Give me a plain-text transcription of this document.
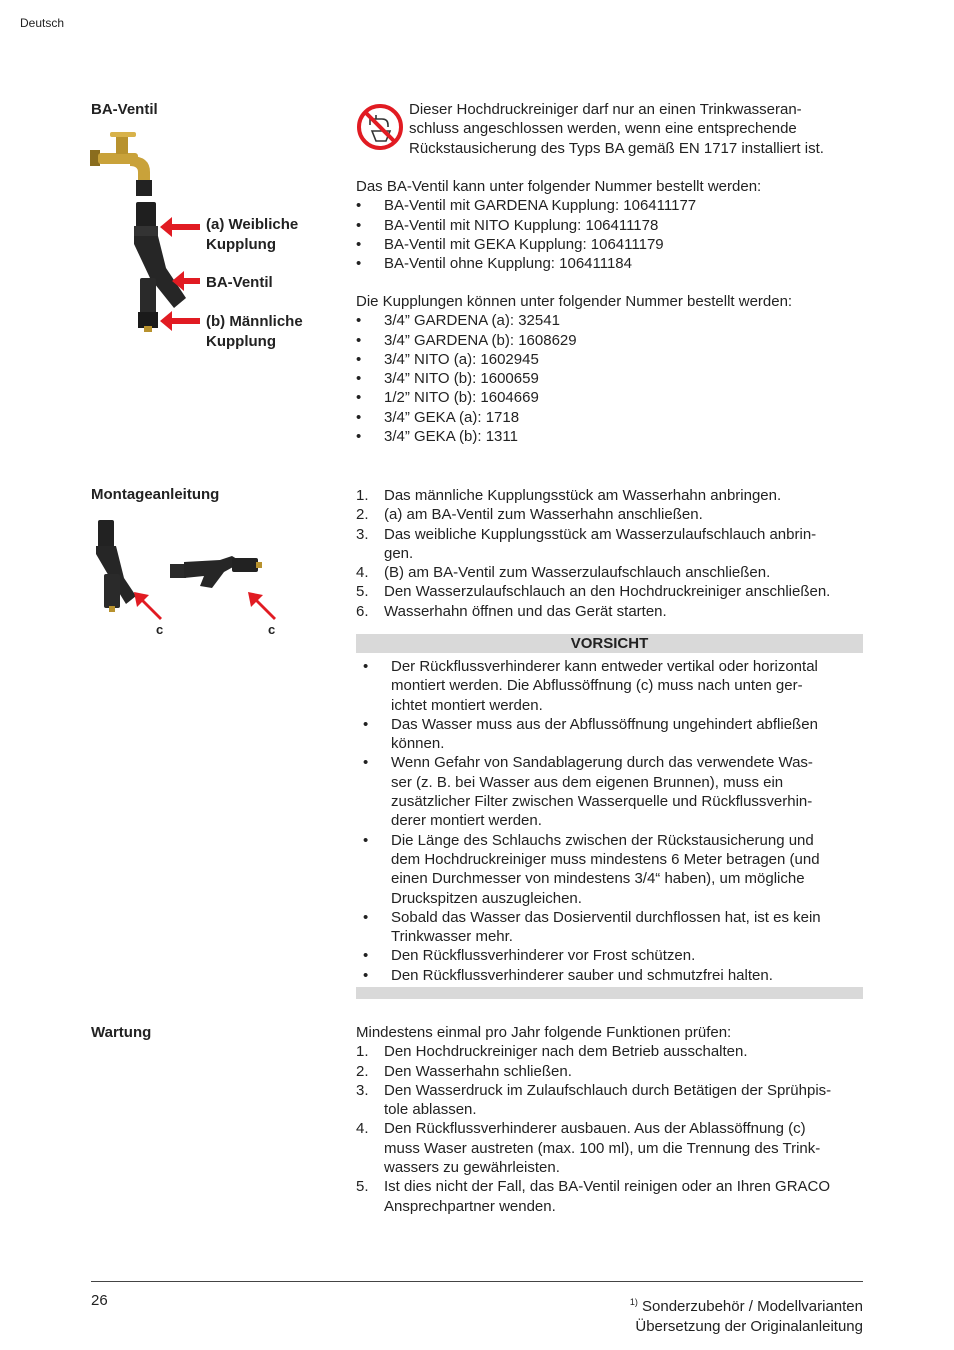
Deutsch
BA-Ventil
(a) Weibliche
Kupplung
BA-Ventil
(b) Männliche
Kupplung
Dieser Hochdruckreiniger darf nur an einen Trinkwasseran-
schluss angeschlossen werden, wenn eine entsprechende
Rückstausicherung des Typs BA gemäß EN 1717 installiert ist.

Das BA-Ventil kann unter folgender Nummer bestellt werden:

• BA-Ventil mit GARDENA Kupplung: 106411177
• BA-Ventil mit NITO Kupplung: 106411178
• BA-Ventil mit GEKA Kupplung: 106411179
• BA-Ventil ohne Kupplung: 106411184

Die Kupplungen können unter folgender Nummer bestellt werden:

• 3/4” GARDENA (a): 32541
• 3/4” GARDENA (b): 1608629
• 3/4” NITO (a): 1602945
• 3/4” NITO (b): 1600659
• 1/2” NITO (b): 1604669
• 3/4” GEKA (a): 1718
• 3/4” GEKA (b): 1311
Montageanleitung
c	c
1. Das männliche Kupplungsstück am Wasserhahn anbringen.
2. (a) am BA-Ventil zum Wasserhahn anschließen.
3. Das weibliche Kupplungsstück am Wasserzulaufschlauch anbrin-
gen.
4. (B) am BA-Ventil zum Wasserzulaufschlauch anschließen.
5. Den Wasserzulaufschlauch an den Hochdruckreiniger anschließen.
6. Wasserhahn öffnen und das Gerät starten.
VORSICHT
• Der Rückflussverhinderer kann entweder vertikal oder horizontal
montiert werden. Die Abflussöffnung (c) muss nach unten ger-
ichtet montiert werden.
• Das Wasser muss aus der Abflussöffnung ungehindert abfließen
können.
• Wenn Gefahr von Sandablagerung durch das verwendete Was-
ser (z. B. bei Wasser aus dem eigenen Brunnen), muss ein
zusätzlicher Filter zwischen Wasserquelle und Rückflussverhin-
derer montiert werden.
• Die Länge des Schlauchs zwischen der Rückstausicherung und
dem Hochdruckreiniger muss mindestens 6 Meter betragen (und
einen Durchmesser von mindestens 3/4“ haben), um mögliche
Druckspitzen auszugleichen.
• Sobald das Wasser das Dosierventil durchflossen hat, ist es kein
Trinkwasser mehr.
• Den Rückflussverhinderer vor Frost schützen.
• Den Rückflussverhinderer sauber und schmutzfrei halten.
Wartung	Mindestens einmal pro Jahr folgende Funktionen prüfen:

1. Den Hochdruckreiniger nach dem Betrieb ausschalten.
2. Den Wasserhahn schließen.
3. Den Wasserdruck im Zulaufschlauch durch Betätigen der Sprühpis-
tole ablassen.
4. Den Rückflussverhinderer ausbauen. Aus der Ablassöffnung (c)
muss Waser austreten (max. 100 ml), um die Trennung des Trink-
wassers zu gewährleisten.
5. Ist dies nicht der Fall, das BA-Ventil reinigen oder an Ihren GRACO
Ansprechpartner wenden.
26	$^{1)}$ Sonderzubehör / Modellvarianten
Übersetzung der Originalanleitung
